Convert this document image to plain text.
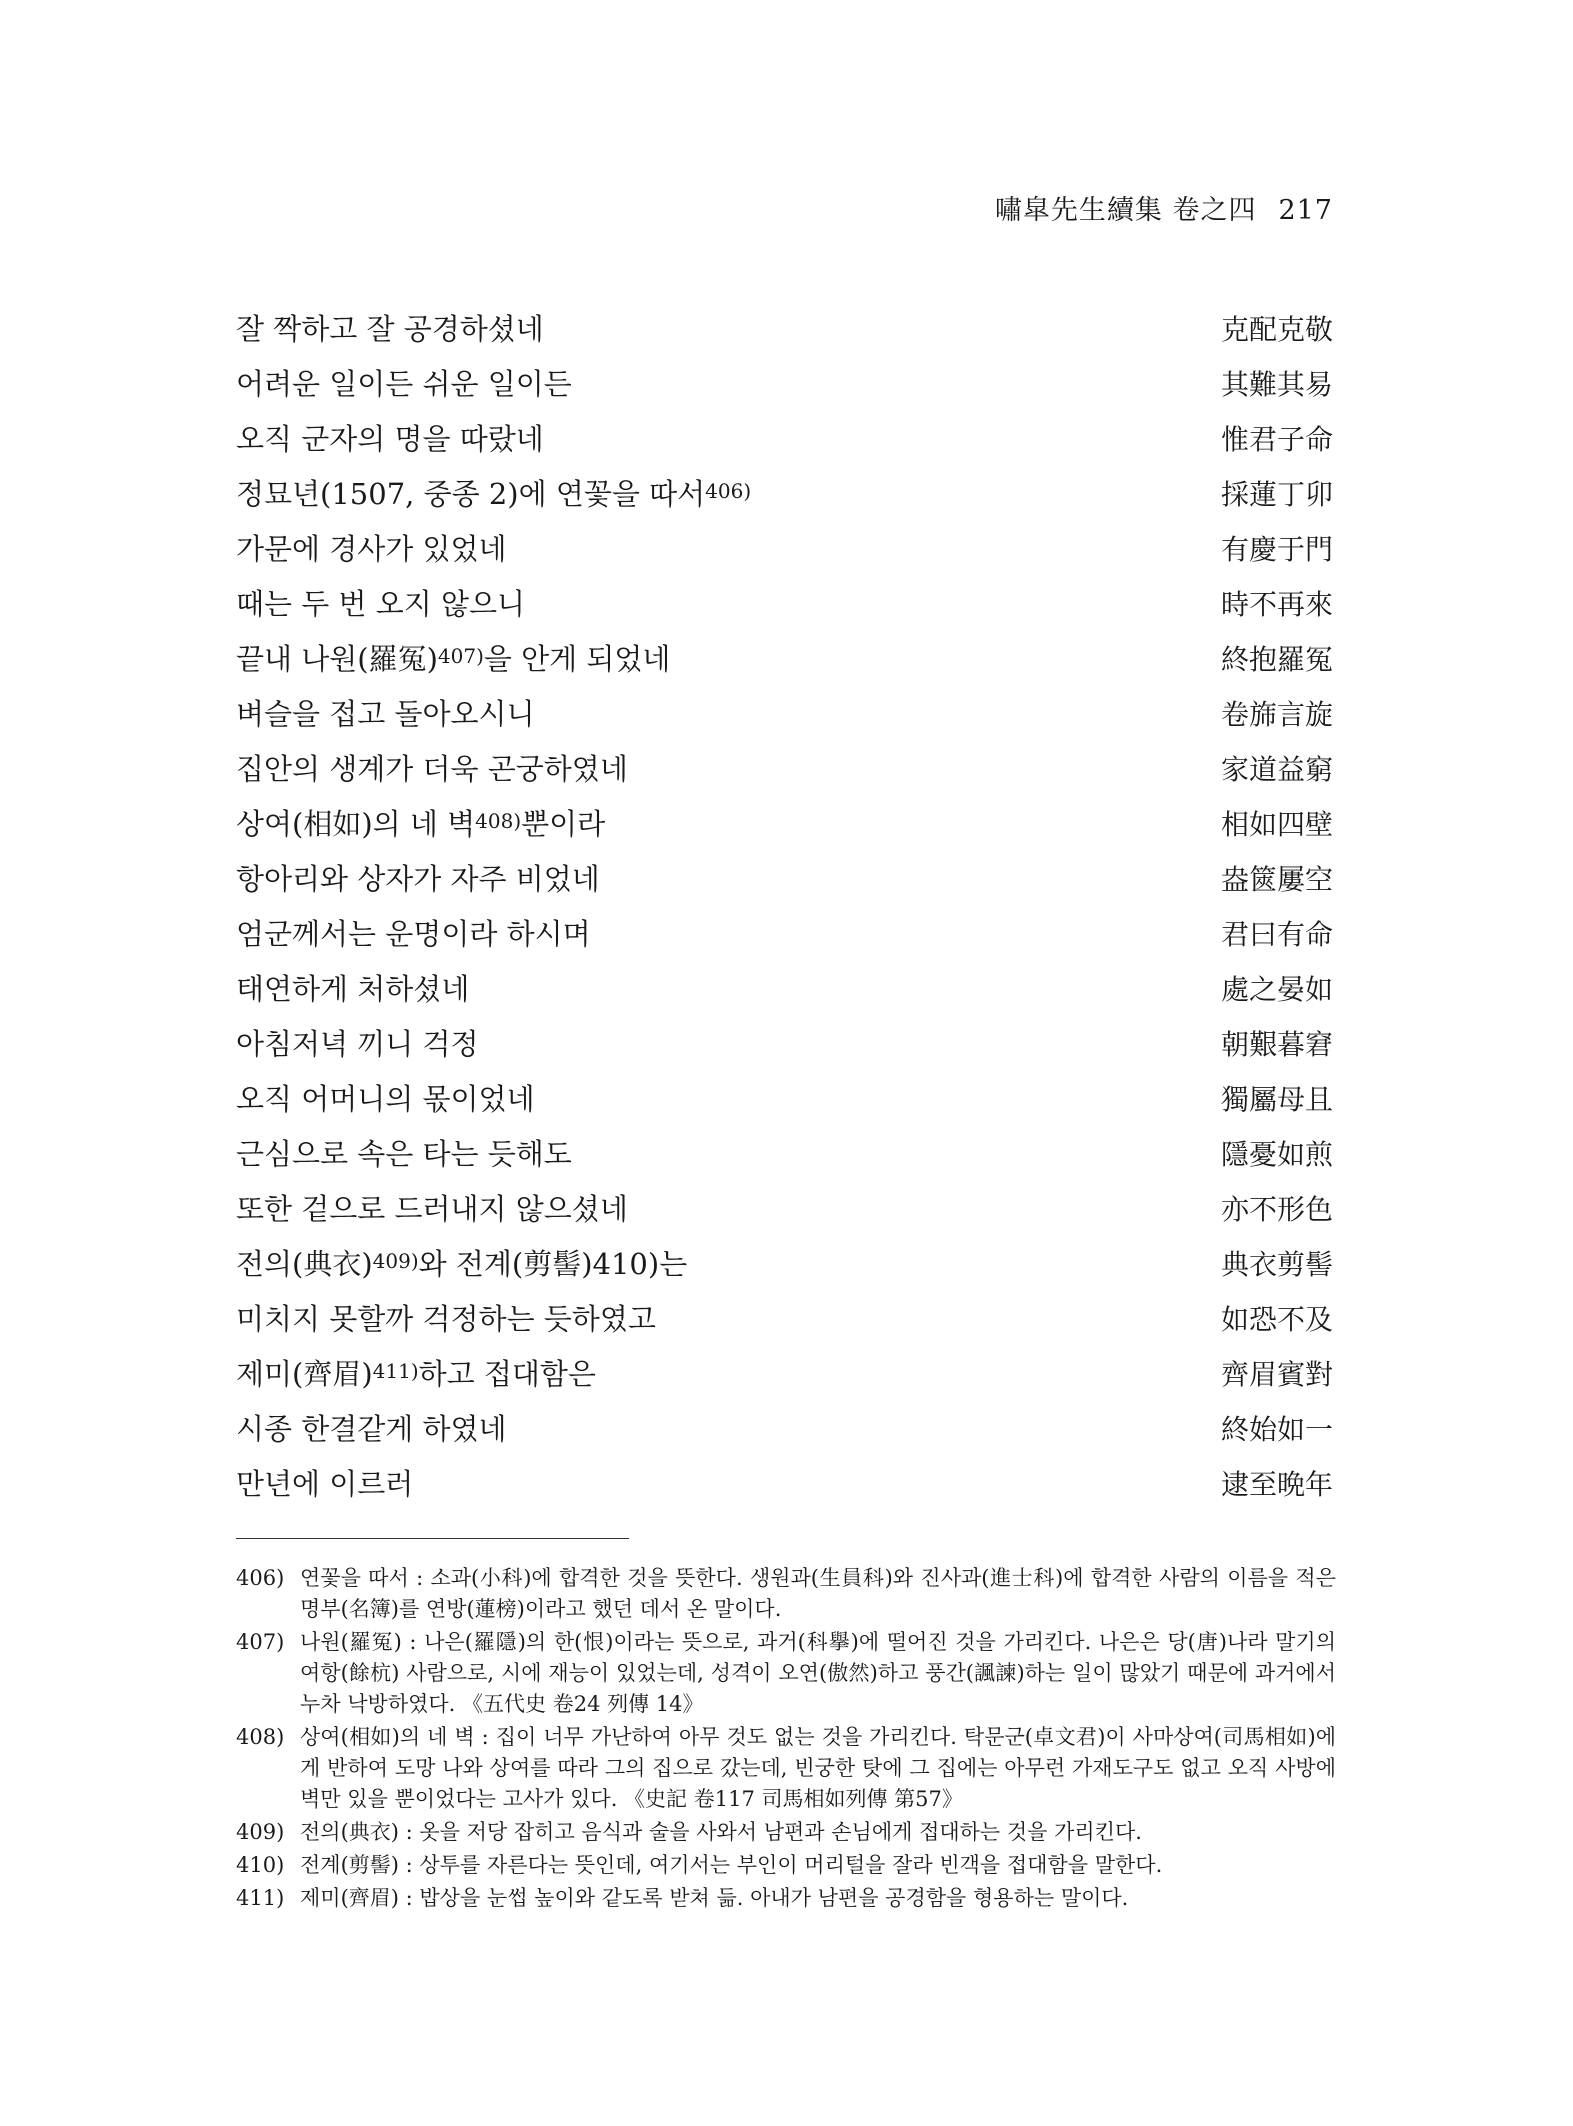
嘯皐先生續集 卷之四 217
잘 짝하고 잘 공경하셨네	克配克敬
어려운 일이든 쉬운 일이든	其難其易
오직 군자의 명을 따랐네	惟君子命
정묘년(1507, 중종 2)에 연꽃을 따서$^{406)}$	採蓮丁卯
가문에 경사가 있었네	有慶于門
때는 두 번 오지 않으니	時不再來
끝내 나원(羅冤)$^{407)}$을 안게 되었네	終抱羅冤
벼슬을 접고 돌아오시니	卷旆言旋
집안의 생계가 더욱 곤궁하였네	家道益窮
상여(相如)의 네 벽$^{408)}$뿐이라	相如四壁
항아리와 상자가 자주 비었네	盎篋屢空
엄군께서는 운명이라 하시며	君曰有命
태연하게 처하셨네	處之晏如
아침저녁 끼니 걱정	朝艱暮窘
오직 어머니의 몫이었네	獨屬母且
근심으로 속은 타는 듯해도	隱憂如煎
또한 겉으로 드러내지 않으셨네	亦不形色
전의(典衣)$^{409)}$와 전계(剪髻)410)는	典衣剪髻
미치지 못할까 걱정하는 듯하였고	如恐不及
제미(齊眉)$^{411)}$하고 접대함은	齊眉賓對
시종 한결같게 하였네	終始如一
만년에 이르러	逮至晩年
406) 연꽃을 따서 : 소과(小科)에 합격한 것을 뜻한다. 생원과(生員科)와 진사과(進士科)에 합격한 사람의 이름을 적은 명부(名簿)를 연방(蓮榜)이라고 했던 데서 온 말이다.
407) 나원(羅冤) : 나은(羅隱)의 한(恨)이라는 뜻으로, 과거(科擧)에 떨어진 것을 가리킨다. 나은은 당(唐)나라 말기의 여항(餘杭) 사람으로, 시에 재능이 있었는데, 성격이 오연(傲然)하고 풍간(諷諫)하는 일이 많았기 때문에 과거에서 누차 낙방하였다. 《五代史 卷24 列傳 14》
408) 상여(相如)의 네 벽 : 집이 너무 가난하여 아무 것도 없는 것을 가리킨다. 탁문군(卓文君)이 사마상여(司馬相如)에게 반하여 도망 나와 상여를 따라 그의 집으로 갔는데, 빈궁한 탓에 그 집에는 아무런 가재도구도 없고 오직 사방에 벽만 있을 뿐이었다는 고사가 있다. 《史記 卷117 司馬相如列傳 第57》
409) 전의(典衣) : 옷을 저당 잡히고 음식과 술을 사와서 남편과 손님에게 접대하는 것을 가리킨다.
410) 전계(剪髻) : 상투를 자른다는 뜻인데, 여기서는 부인이 머리털을 잘라 빈객을 접대함을 말한다.
411) 제미(齊眉) : 밥상을 눈썹 높이와 같도록 받쳐 듦. 아내가 남편을 공경함을 형용하는 말이다.
